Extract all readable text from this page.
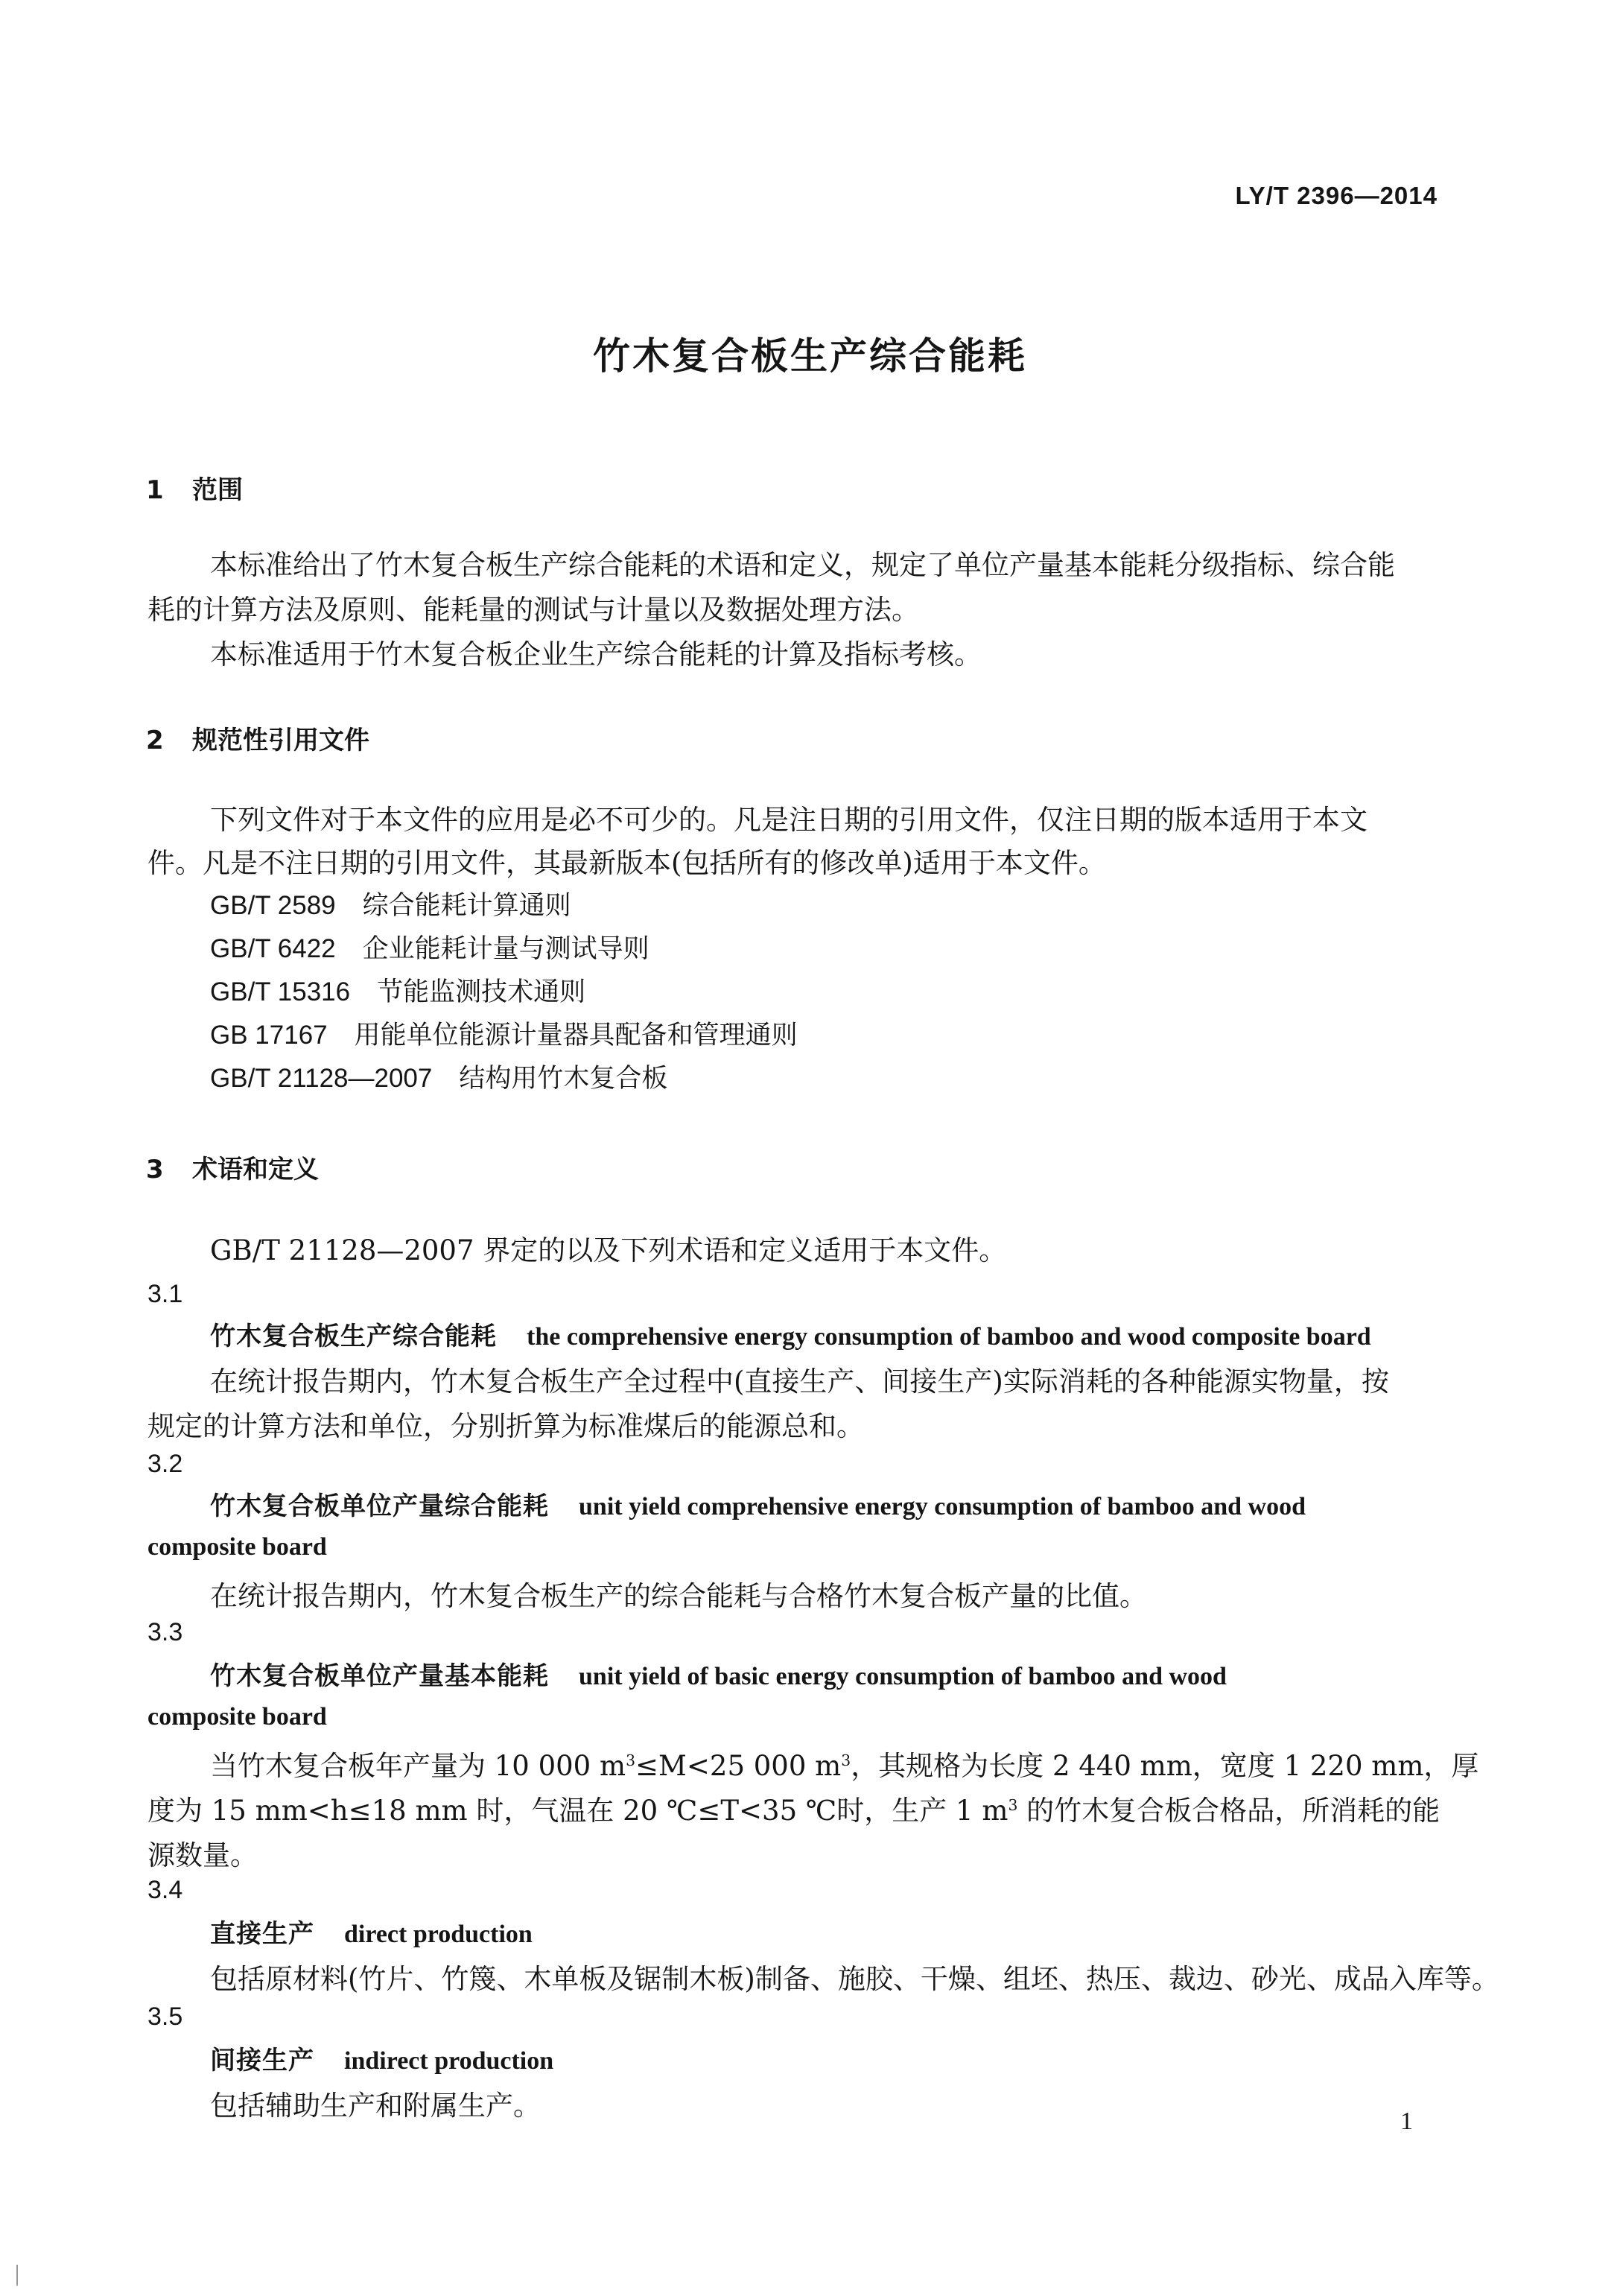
LY/T 2396—2014
竹木复合板生产综合能耗
1 范围
本标准给出了竹木复合板生产综合能耗的术语和定义，规定了单位产量基本能耗分级指标、综合能
耗的计算方法及原则、能耗量的测试与计量以及数据处理方法。
本标准适用于竹木复合板企业生产综合能耗的计算及指标考核。
2 规范性引用文件
下列文件对于本文件的应用是必不可少的。凡是注日期的引用文件，仅注日期的版本适用于本文
件。凡是不注日期的引用文件，其最新版本(包括所有的修改单)适用于本文件。
GB/T 2589 综合能耗计算通则
GB/T 6422 企业能耗计量与测试导则
GB/T 15316 节能监测技术通则
GB 17167 用能单位能源计量器具配备和管理通则
GB/T 21128—2007 结构用竹木复合板
3 术语和定义
GB/T 21128—2007 界定的以及下列术语和定义适用于本文件。
3.1
竹木复合板生产综合能耗 the comprehensive energy consumption of bamboo and wood composite board
在统计报告期内，竹木复合板生产全过程中(直接生产、间接生产)实际消耗的各种能源实物量，按
规定的计算方法和单位，分别折算为标准煤后的能源总和。
3.2
竹木复合板单位产量综合能耗 unit yield comprehensive energy consumption of bamboo and wood
composite board
在统计报告期内，竹木复合板生产的综合能耗与合格竹木复合板产量的比值。
3.3
竹木复合板单位产量基本能耗 unit yield of basic energy consumption of bamboo and wood
composite board
当竹木复合板年产量为 10 000 $m^3\le M<25$ 000 $m^3$，其规格为长度 2 440 mm，宽度 1 220 mm，厚
度为 15 mm<h≤18 mm 时，气温在 20 ℃≤T<35 ℃时，生产 1 $m^3$ 的竹木复合板合格品，所消耗的能
源数量。
3.4
直接生产 direct production
包括原材料(竹片、竹篾、木单板及锯制木板)制备、施胶、干燥、组坯、热压、裁边、砂光、成品入库等。
3.5
间接生产 indirect production
包括辅助生产和附属生产。	1
